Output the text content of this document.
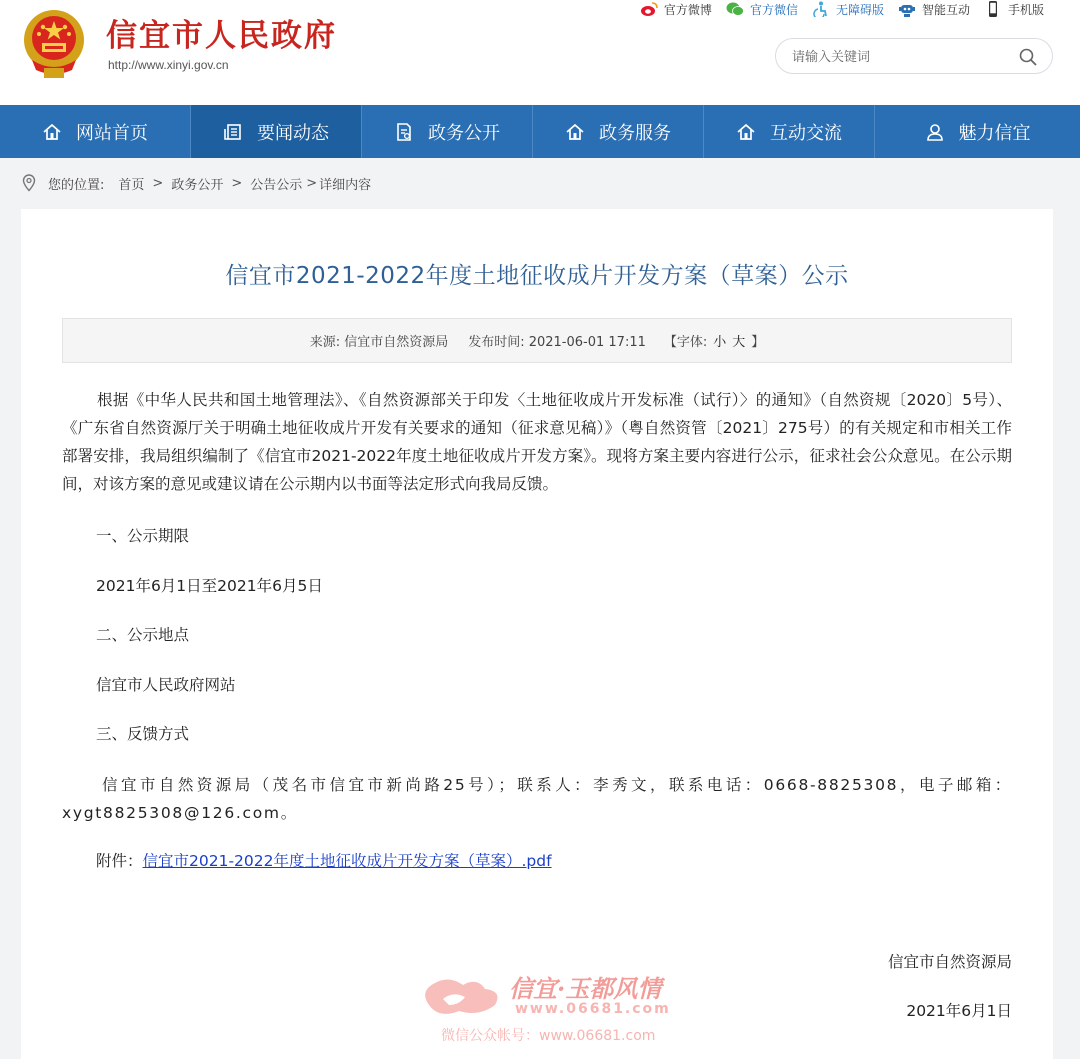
信宜市人民政府
http://www.xinyi.gov.cn
官方微博	官方微信	无障碍版	智能互动	手机版
请输入关键词
网站首页	要闻动态	政务公开	政务服务	互动交流	魅力信宜
您的位置: 首页 > 政务公开 > 公告公示 > 详细内容
信宜市2021-2022年度土地征收成片开发方案（草案）公示
来源: 信宜市自然资源局 发布时间: 2021-06-01 17:11 【字体: 小 大 】
根据《中华人民共和国土地管理法》、《自然资源部关于印发〈土地征收成片开发标准（试行）〉的通知》（自然资规〔2020〕5号）、《广东省自然资源厅关于明确土地征收成片开发有关要求的通知（征求意见稿）》（粤自然资管〔2021〕275号）的有关规定和市相关工作部署安排，我局组织编制了《信宜市2021-2022年度土地征收成片开发方案》。现将方案主要内容进行公示，征求社会公众意见。在公示期间，对该方案的意见或建议请在公示期内以书面等法定形式向我局反馈。
一、公示期限
2021年6月1日至2021年6月5日
二、公示地点
信宜市人民政府网站
三、反馈方式
信宜市自然资源局（茂名市信宜市新尚路25号）；联系人：李秀文，联系电话：0668-8825308，电子邮箱：xygt8825308@126.com。
附件：信宜市2021-2022年度土地征收成片开发方案（草案）.pdf
信宜市自然资源局
2021年6月1日
信宜·玉都风情
www.06681.com
微信公众帐号：www.06681.com
